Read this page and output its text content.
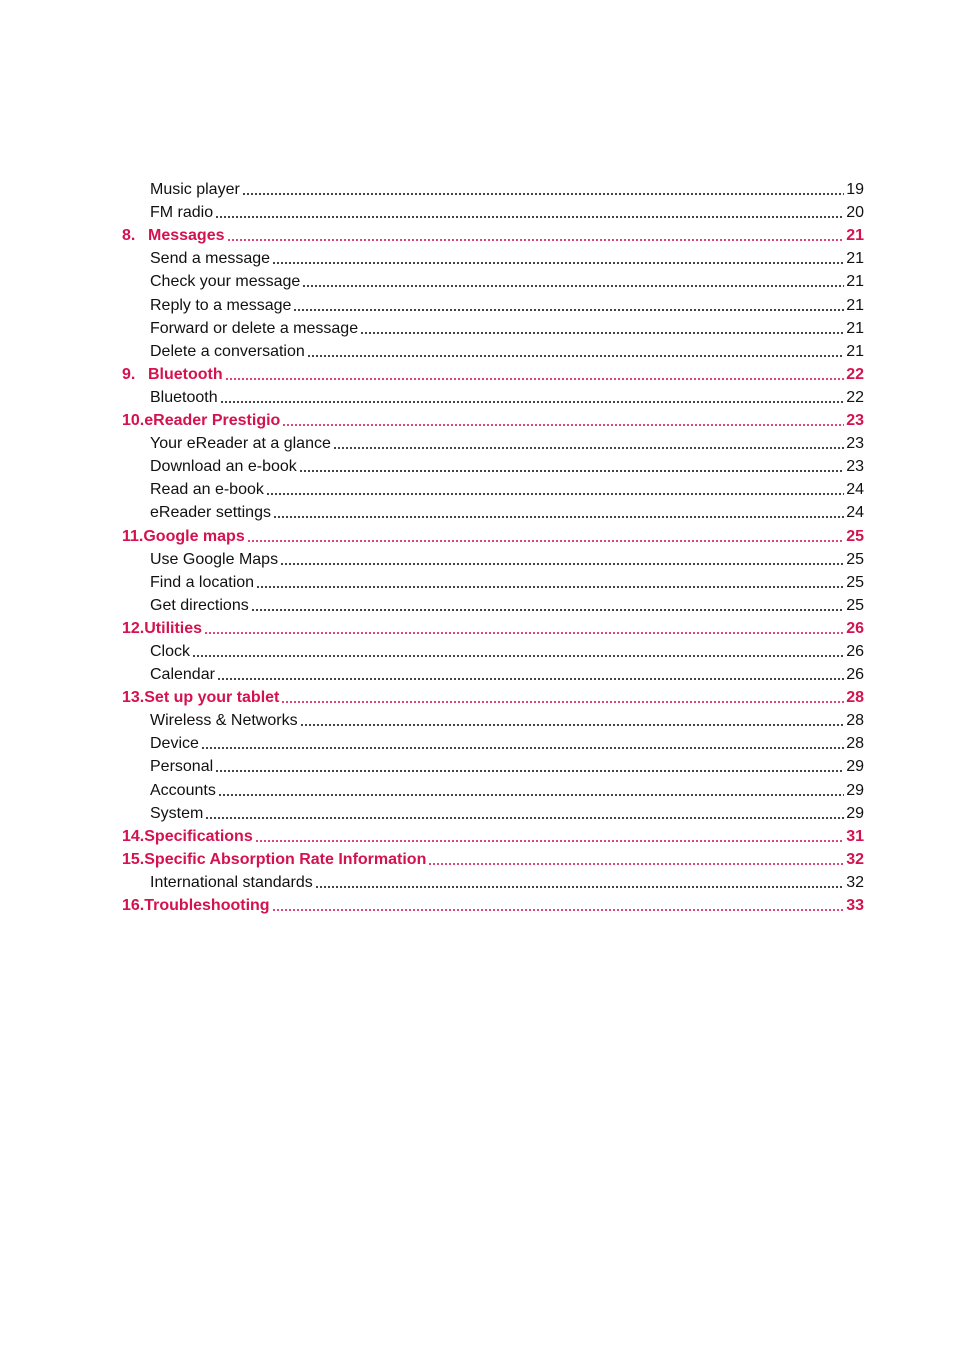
Music player	19
FM radio	20
8. Messages	21
Send a message	21
Check your message	21
Reply to a message	21
Forward or delete a message	21
Delete a conversation	21
9. Bluetooth	22
Bluetooth	22
10. eReader Prestigio	23
Your eReader at a glance	23
Download an e-book	23
Read an e-book	24
eReader settings	24
11. Google maps	25
Use Google Maps	25
Find a location	25
Get directions	25
12. Utilities	26
Clock	26
Calendar	26
13. Set up your tablet	28
Wireless & Networks	28
Device	28
Personal	29
Accounts	29
System	29
14. Specifications	31
15. Specific Absorption Rate Information	32
International standards	32
16. Troubleshooting	33
